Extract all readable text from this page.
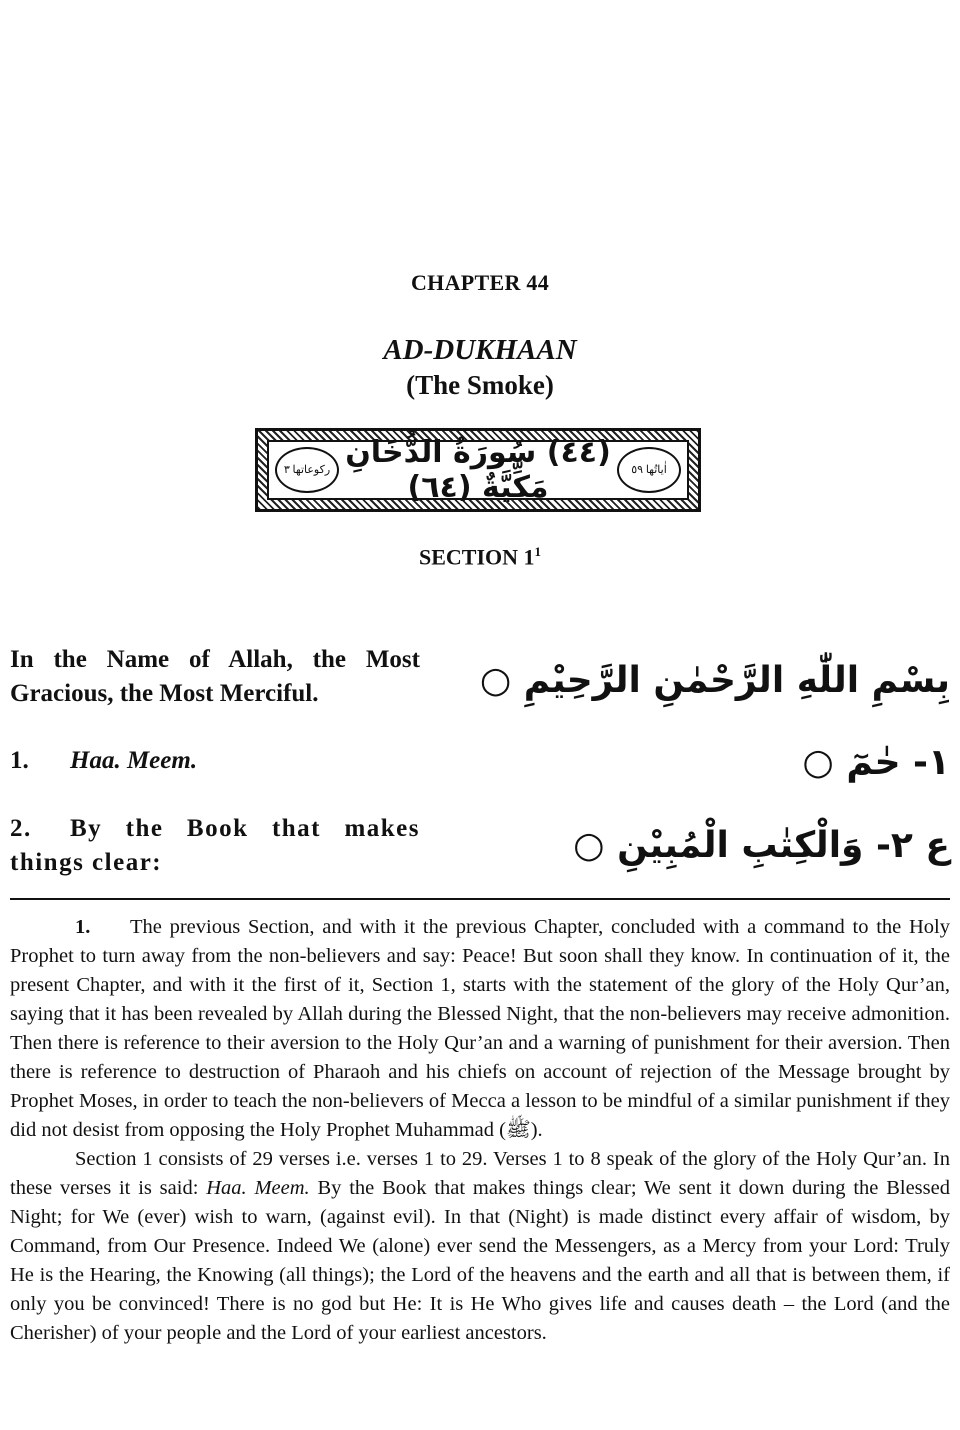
CHAPTER 44
AD-DUKHAAN
(The Smoke)
رکوعاتها ٣ (٤٤) سُورَةُ الدُّخَانِ مَكِّيَّةٌ (٦٤)	اٰیاتُها ٥٩
SECTION $1^1$
In the Name of Allah, the Most Gracious, the Most Merciful.	بِسْمِ اللّٰهِ الرَّحْمٰنِ الرَّحِيْمِ ○
1. Haa. Meem.	١- حٰمٓ ○
2. By the Book that makes things clear:	ع ٢- وَالْكِتٰبِ الْمُبِيْنِ ○

1. The previous Section, and with it the previous Chapter, concluded with a command to the Holy Prophet to turn away from the non-believers and say: Peace! But soon shall they know. In continuation of it, the present Chapter, and with it the first of it, Section 1, starts with the statement of the glory of the Holy Qur’an, saying that it has been revealed by Allah during the Blessed Night, that the non-believers may receive admonition. Then there is reference to their aversion to the Holy Qur’an and a warning of punishment for their aversion. Then there is reference to destruction of Pharaoh and his chiefs on account of rejection of the Message brought by Prophet Moses, in order to teach the non-believers of Mecca a lesson to be mindful of a similar punishment if they did not desist from opposing the Holy Prophet Muhammad (ﷺ).

Section 1 consists of 29 verses i.e. verses 1 to 29. Verses 1 to 8 speak of the glory of the Holy Qur’an. In these verses it is said: Haa. Meem. By the Book that makes things clear; We sent it down during the Blessed Night; for We (ever) wish to warn, (against evil). In that (Night) is made distinct every affair of wisdom, by Command, from Our Presence. Indeed We (alone) ever send the Messengers, as a Mercy from your Lord: Truly He is the Hearing, the Knowing (all things); the Lord of the heavens and the earth and all that is between them, if only you be convinced! There is no god but He: It is He Who gives life and causes death – the Lord (and the Cherisher) of your people and the Lord of your earliest ancestors.
